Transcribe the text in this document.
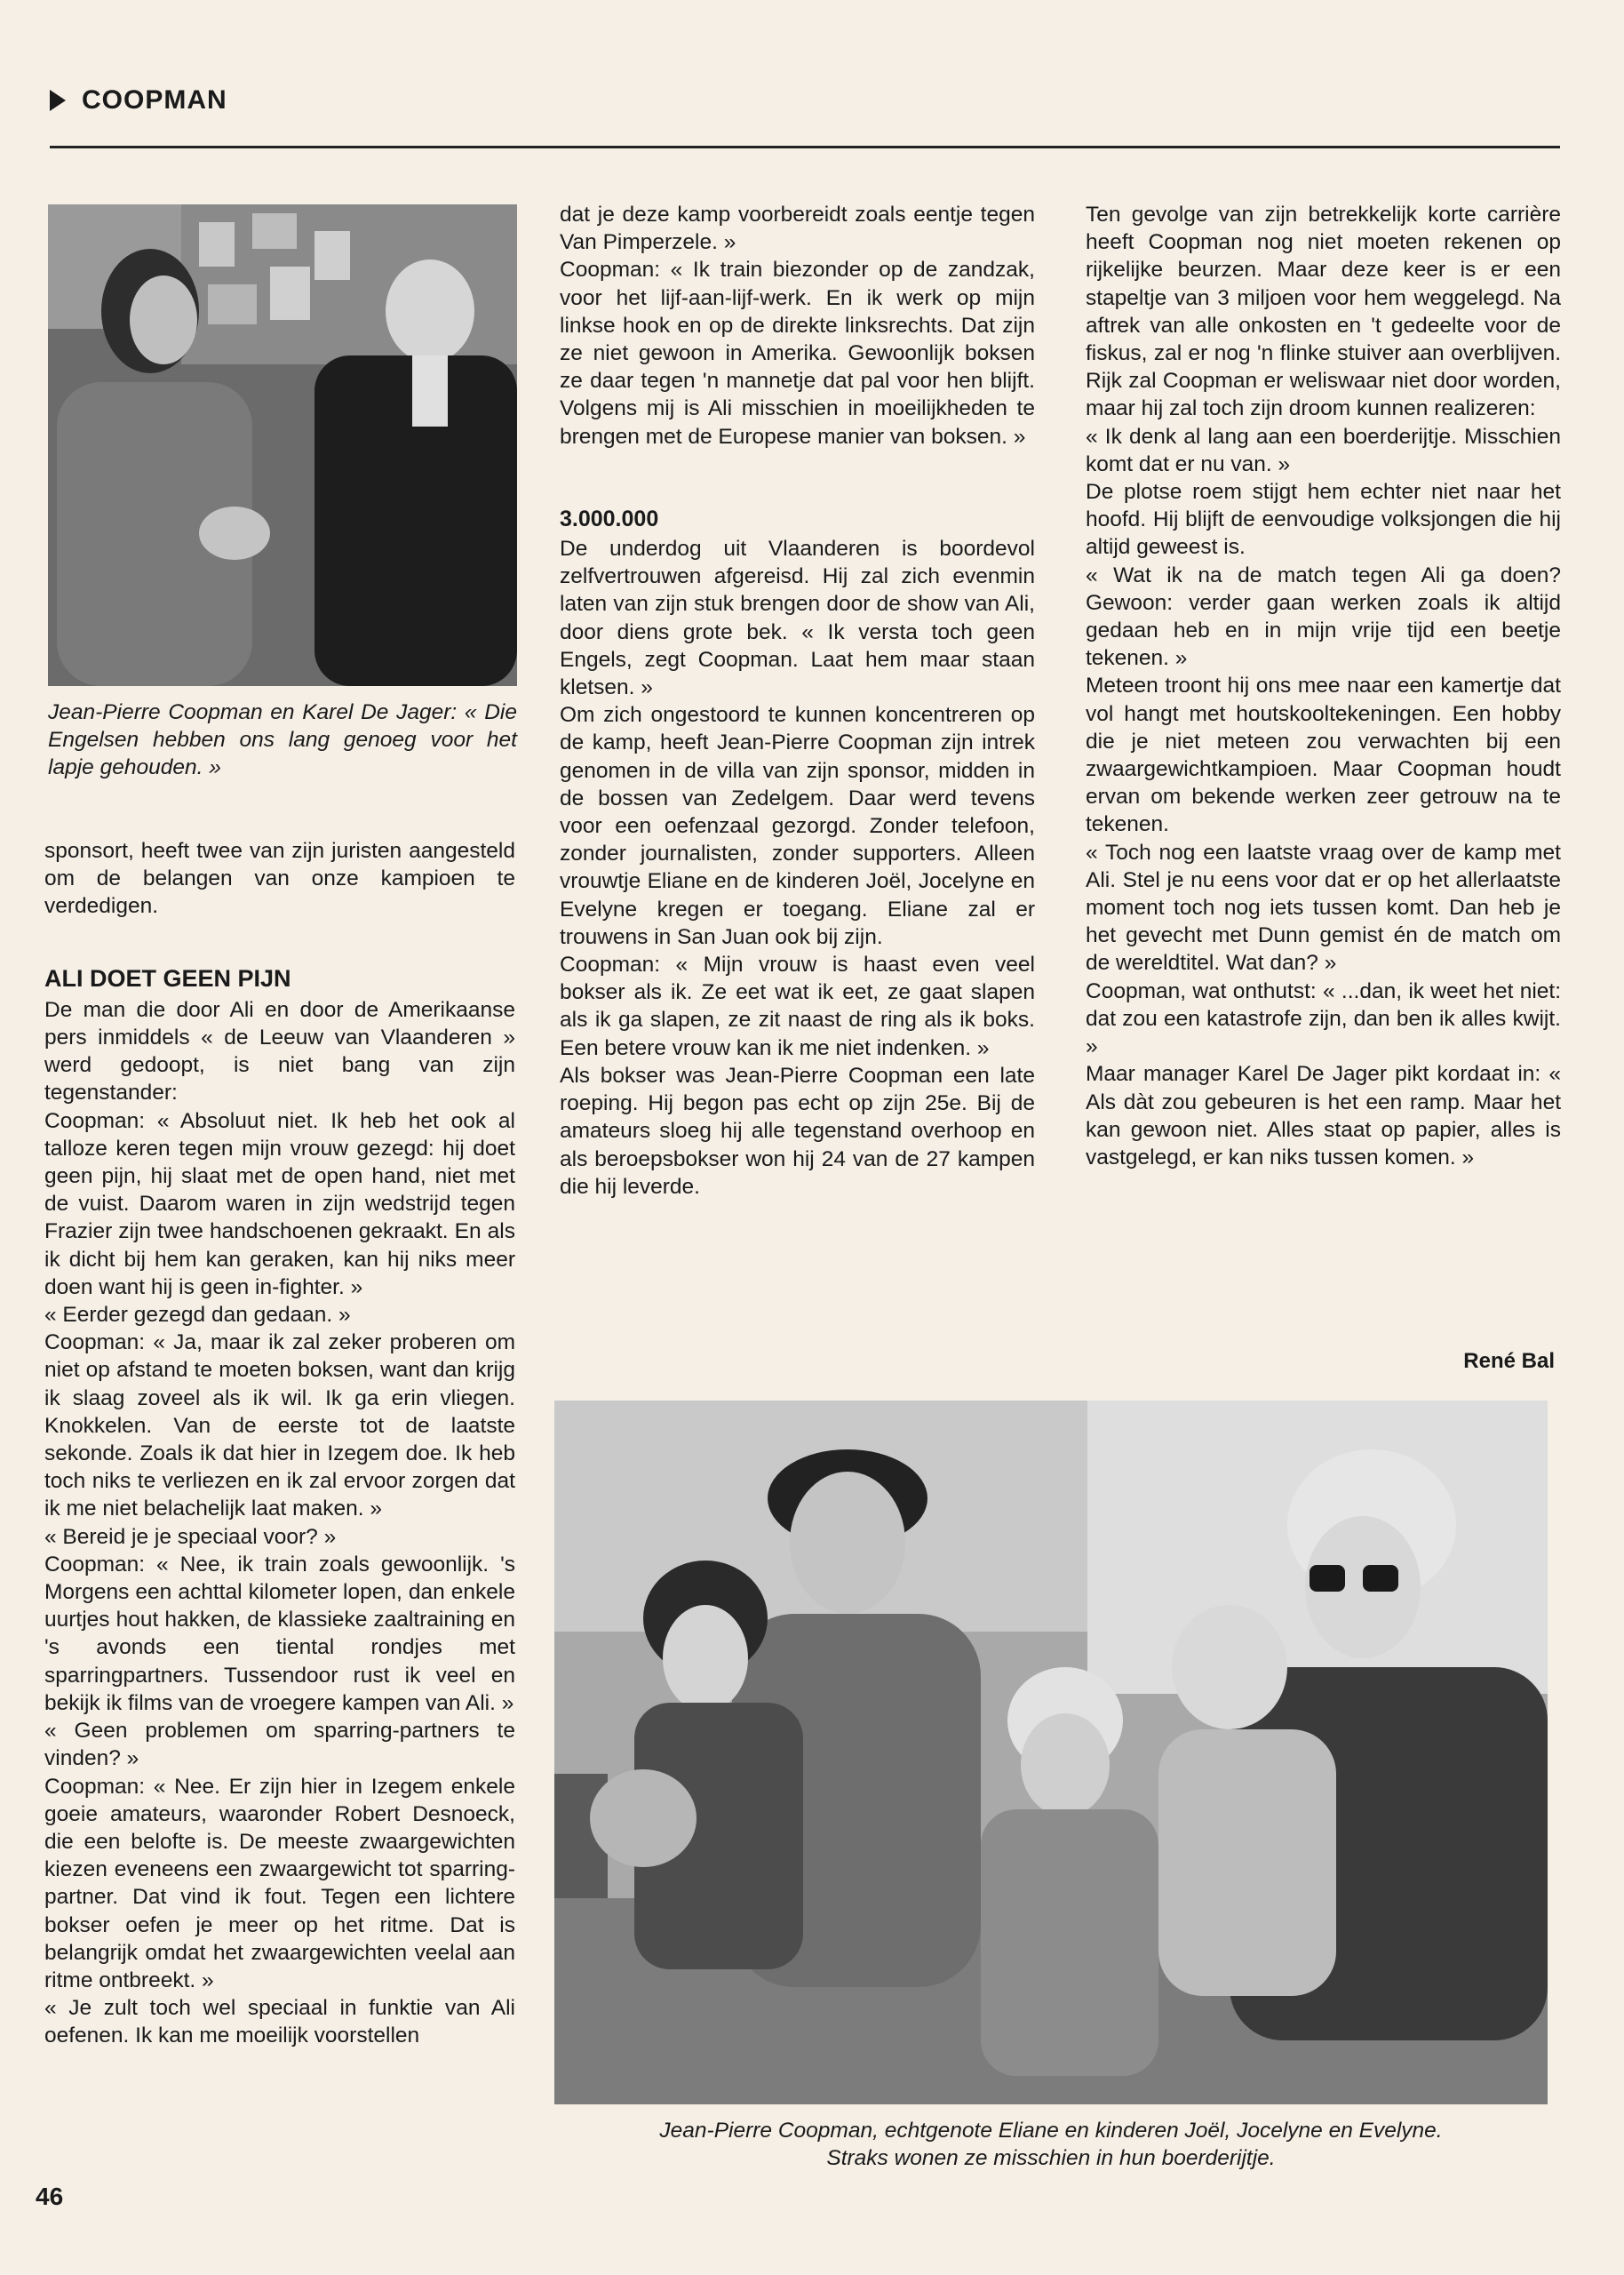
COOPMAN
Jean-Pierre Coopman en Karel De Jager: « Die Engelsen hebben ons lang genoeg voor het lapje gehouden. »

sponsort, heeft twee van zijn juristen aangesteld om de belangen van onze kampioen te verdedigen.

ALI DOET GEEN PIJN

De man die door Ali en door de Amerikaanse pers inmiddels « de Leeuw van Vlaanderen » werd gedoopt, is niet bang van zijn tegenstander:

Coopman: « Absoluut niet. Ik heb het ook al talloze keren tegen mijn vrouw gezegd: hij doet geen pijn, hij slaat met de open hand, niet met de vuist. Daarom waren in zijn wedstrijd tegen Frazier zijn twee handschoenen gekraakt. En als ik dicht bij hem kan geraken, kan hij niks meer doen want hij is geen in-fighter. »

« Eerder gezegd dan gedaan. »

Coopman: « Ja, maar ik zal zeker proberen om niet op afstand te moeten boksen, want dan krijg ik slaag zoveel als ik wil. Ik ga erin vliegen. Knokkelen. Van de eerste tot de laatste sekonde. Zoals ik dat hier in Izegem doe. Ik heb toch niks te verliezen en ik zal ervoor zorgen dat ik me niet belachelijk laat maken. »

« Bereid je je speciaal voor? »

Coopman: « Nee, ik train zoals gewoonlijk. 's Morgens een achttal kilometer lopen, dan enkele uurtjes hout hakken, de klassieke zaaltraining en 's avonds een tiental rondjes met sparringpartners. Tussendoor rust ik veel en bekijk ik films van de vroegere kampen van Ali. »

« Geen problemen om sparring-partners te vinden? »

Coopman: « Nee. Er zijn hier in Izegem enkele goeie amateurs, waaronder Robert Desnoeck, die een belofte is. De meeste zwaargewichten kiezen eveneens een zwaargewicht tot sparring-partner. Dat vind ik fout. Tegen een lichtere bokser oefen je meer op het ritme. Dat is belangrijk omdat het zwaargewichten veelal aan ritme ontbreekt. »

« Je zult toch wel speciaal in funktie van Ali oefenen. Ik kan me moeilijk voorstellen

dat je deze kamp voorbereidt zoals eentje tegen Van Pimperzele. »

Coopman: « Ik train biezonder op de zandzak, voor het lijf-aan-lijf-werk. En ik werk op mijn linkse hook en op de direkte linksrechts. Dat zijn ze niet gewoon in Amerika. Gewoonlijk boksen ze daar tegen 'n mannetje dat pal voor hen blijft. Volgens mij is Ali misschien in moeilijkheden te brengen met de Europese manier van boksen. »

3.000.000

De underdog uit Vlaanderen is boordevol zelfvertrouwen afgereisd. Hij zal zich evenmin laten van zijn stuk brengen door de show van Ali, door diens grote bek. « Ik versta toch geen Engels, zegt Coopman. Laat hem maar staan kletsen. »

Om zich ongestoord te kunnen koncentreren op de kamp, heeft Jean-Pierre Coopman zijn intrek genomen in de villa van zijn sponsor, midden in de bossen van Zedelgem. Daar werd tevens voor een oefenzaal gezorgd. Zonder telefoon, zonder journalisten, zonder supporters. Alleen vrouwtje Eliane en de kinderen Joël, Jocelyne en Evelyne kregen er toegang. Eliane zal er trouwens in San Juan ook bij zijn.

Coopman: « Mijn vrouw is haast even veel bokser als ik. Ze eet wat ik eet, ze gaat slapen als ik ga slapen, ze zit naast de ring als ik boks. Een betere vrouw kan ik me niet indenken. »

Als bokser was Jean-Pierre Coopman een late roeping. Hij begon pas echt op zijn 25e. Bij de amateurs sloeg hij alle tegenstand overhoop en als beroepsbokser won hij 24 van de 27 kampen die hij leverde.

Ten gevolge van zijn betrekkelijk korte carrière heeft Coopman nog niet moeten rekenen op rijkelijke beurzen. Maar deze keer is er een stapeltje van 3 miljoen voor hem weggelegd. Na aftrek van alle onkosten en 't gedeelte voor de fiskus, zal er nog 'n flinke stuiver aan overblijven. Rijk zal Coopman er weliswaar niet door worden, maar hij zal toch zijn droom kunnen realizeren:

« Ik denk al lang aan een boerderijtje. Misschien komt dat er nu van. »

De plotse roem stijgt hem echter niet naar het hoofd. Hij blijft de eenvoudige volksjongen die hij altijd geweest is.

« Wat ik na de match tegen Ali ga doen? Gewoon: verder gaan werken zoals ik altijd gedaan heb en in mijn vrije tijd een beetje tekenen. »

Meteen troont hij ons mee naar een kamertje dat vol hangt met houtskooltekeningen. Een hobby die je niet meteen zou verwachten bij een zwaargewichtkampioen. Maar Coopman houdt ervan om bekende werken zeer getrouw na te tekenen.

« Toch nog een laatste vraag over de kamp met Ali. Stel je nu eens voor dat er op het allerlaatste moment toch nog iets tussen komt. Dan heb je het gevecht met Dunn gemist én de match om de wereldtitel. Wat dan? »

Coopman, wat onthutst: « ...dan, ik weet het niet: dat zou een katastrofe zijn, dan ben ik alles kwijt. »

Maar manager Karel De Jager pikt kordaat in: « Als dàt zou gebeuren is het een ramp. Maar het kan gewoon niet. Alles staat op papier, alles is vastgelegd, er kan niks tussen komen. »

René Bal
Jean-Pierre Coopman, echtgenote Eliane en kinderen Joël, Jocelyne en Evelyne.
Straks wonen ze misschien in hun boerderijtje.
46
